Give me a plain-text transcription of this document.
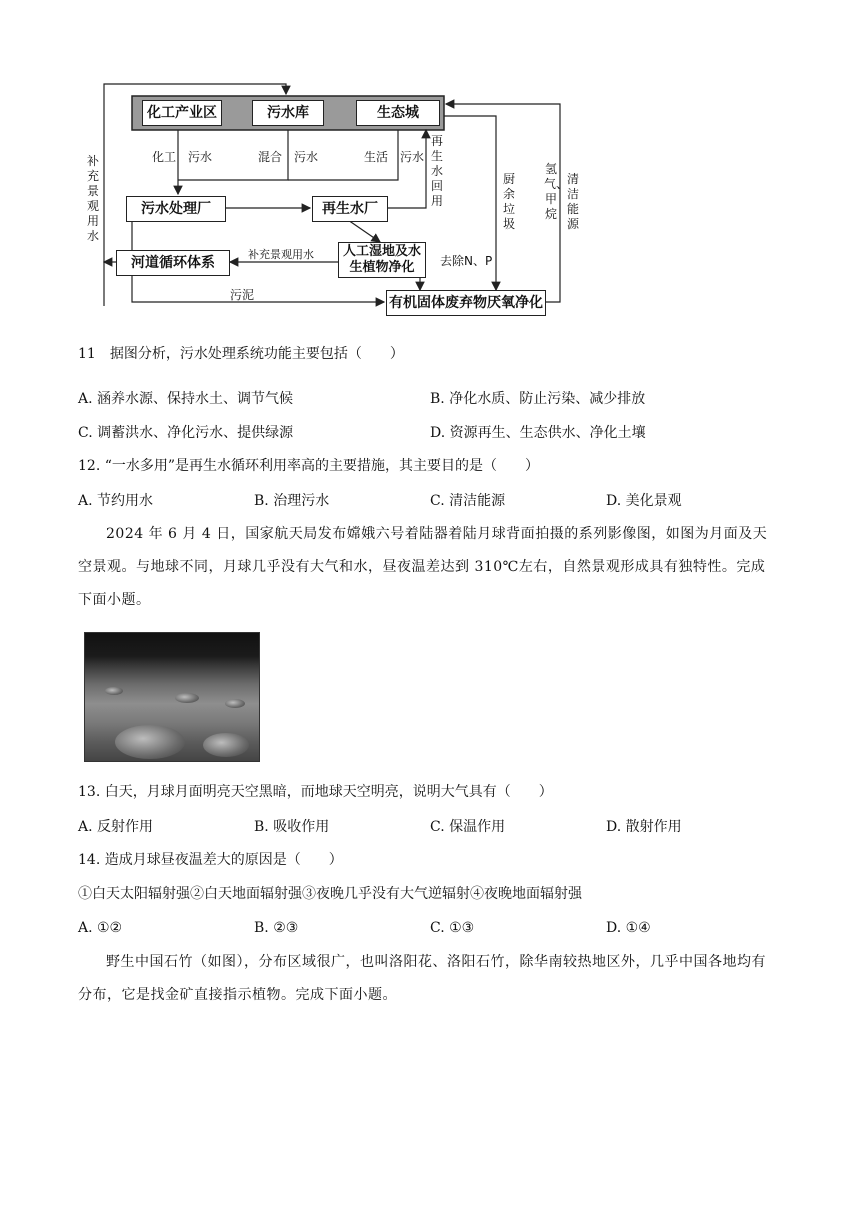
化工产业区	污水库	生态城
污水处理厂	再生水厂
人工湿地及水生植物净化
河道循环体系
有机固体废弃物厌氧净化
化工　污水	混合　污水	生活　污水
再生水回用
厨余垃圾
氢气、甲烷
清洁能源
补充景观用水
补充景观用水	去除N、P
污泥
11　据图分析，污水处理系统功能主要包括（　　）
A. 涵养水源、保持水土、调节气候	B. 净化水质、防止污染、减少排放
C. 调蓄洪水、净化污水、提供绿源	D. 资源再生、生态供水、净化土壤
12. “一水多用”是再生水循环利用率高的主要措施，其主要目的是（　　）
A. 节约用水	B. 治理污水	C. 清洁能源	D. 美化景观
2024 年 6 月 4 日，国家航天局发布嫦娥六号着陆器着陆月球背面拍摄的系列影像图，如图为月面及天空景观。与地球不同，月球几乎没有大气和水，昼夜温差达到 310℃左右，自然景观形成具有独特性。完成下面小题。
13. 白天，月球月面明亮天空黑暗，而地球天空明亮，说明大气具有（　　）
A. 反射作用	B. 吸收作用	C. 保温作用	D. 散射作用
14. 造成月球昼夜温差大的原因是（　　）
①白天太阳辐射强②白天地面辐射强③夜晚几乎没有大气逆辐射④夜晚地面辐射强
A. ①②	B. ②③	C. ①③	D. ①④
野生中国石竹（如图），分布区域很广，也叫洛阳花、洛阳石竹，除华南较热地区外，几乎中国各地均有分布，它是找金矿直接指示植物。完成下面小题。
